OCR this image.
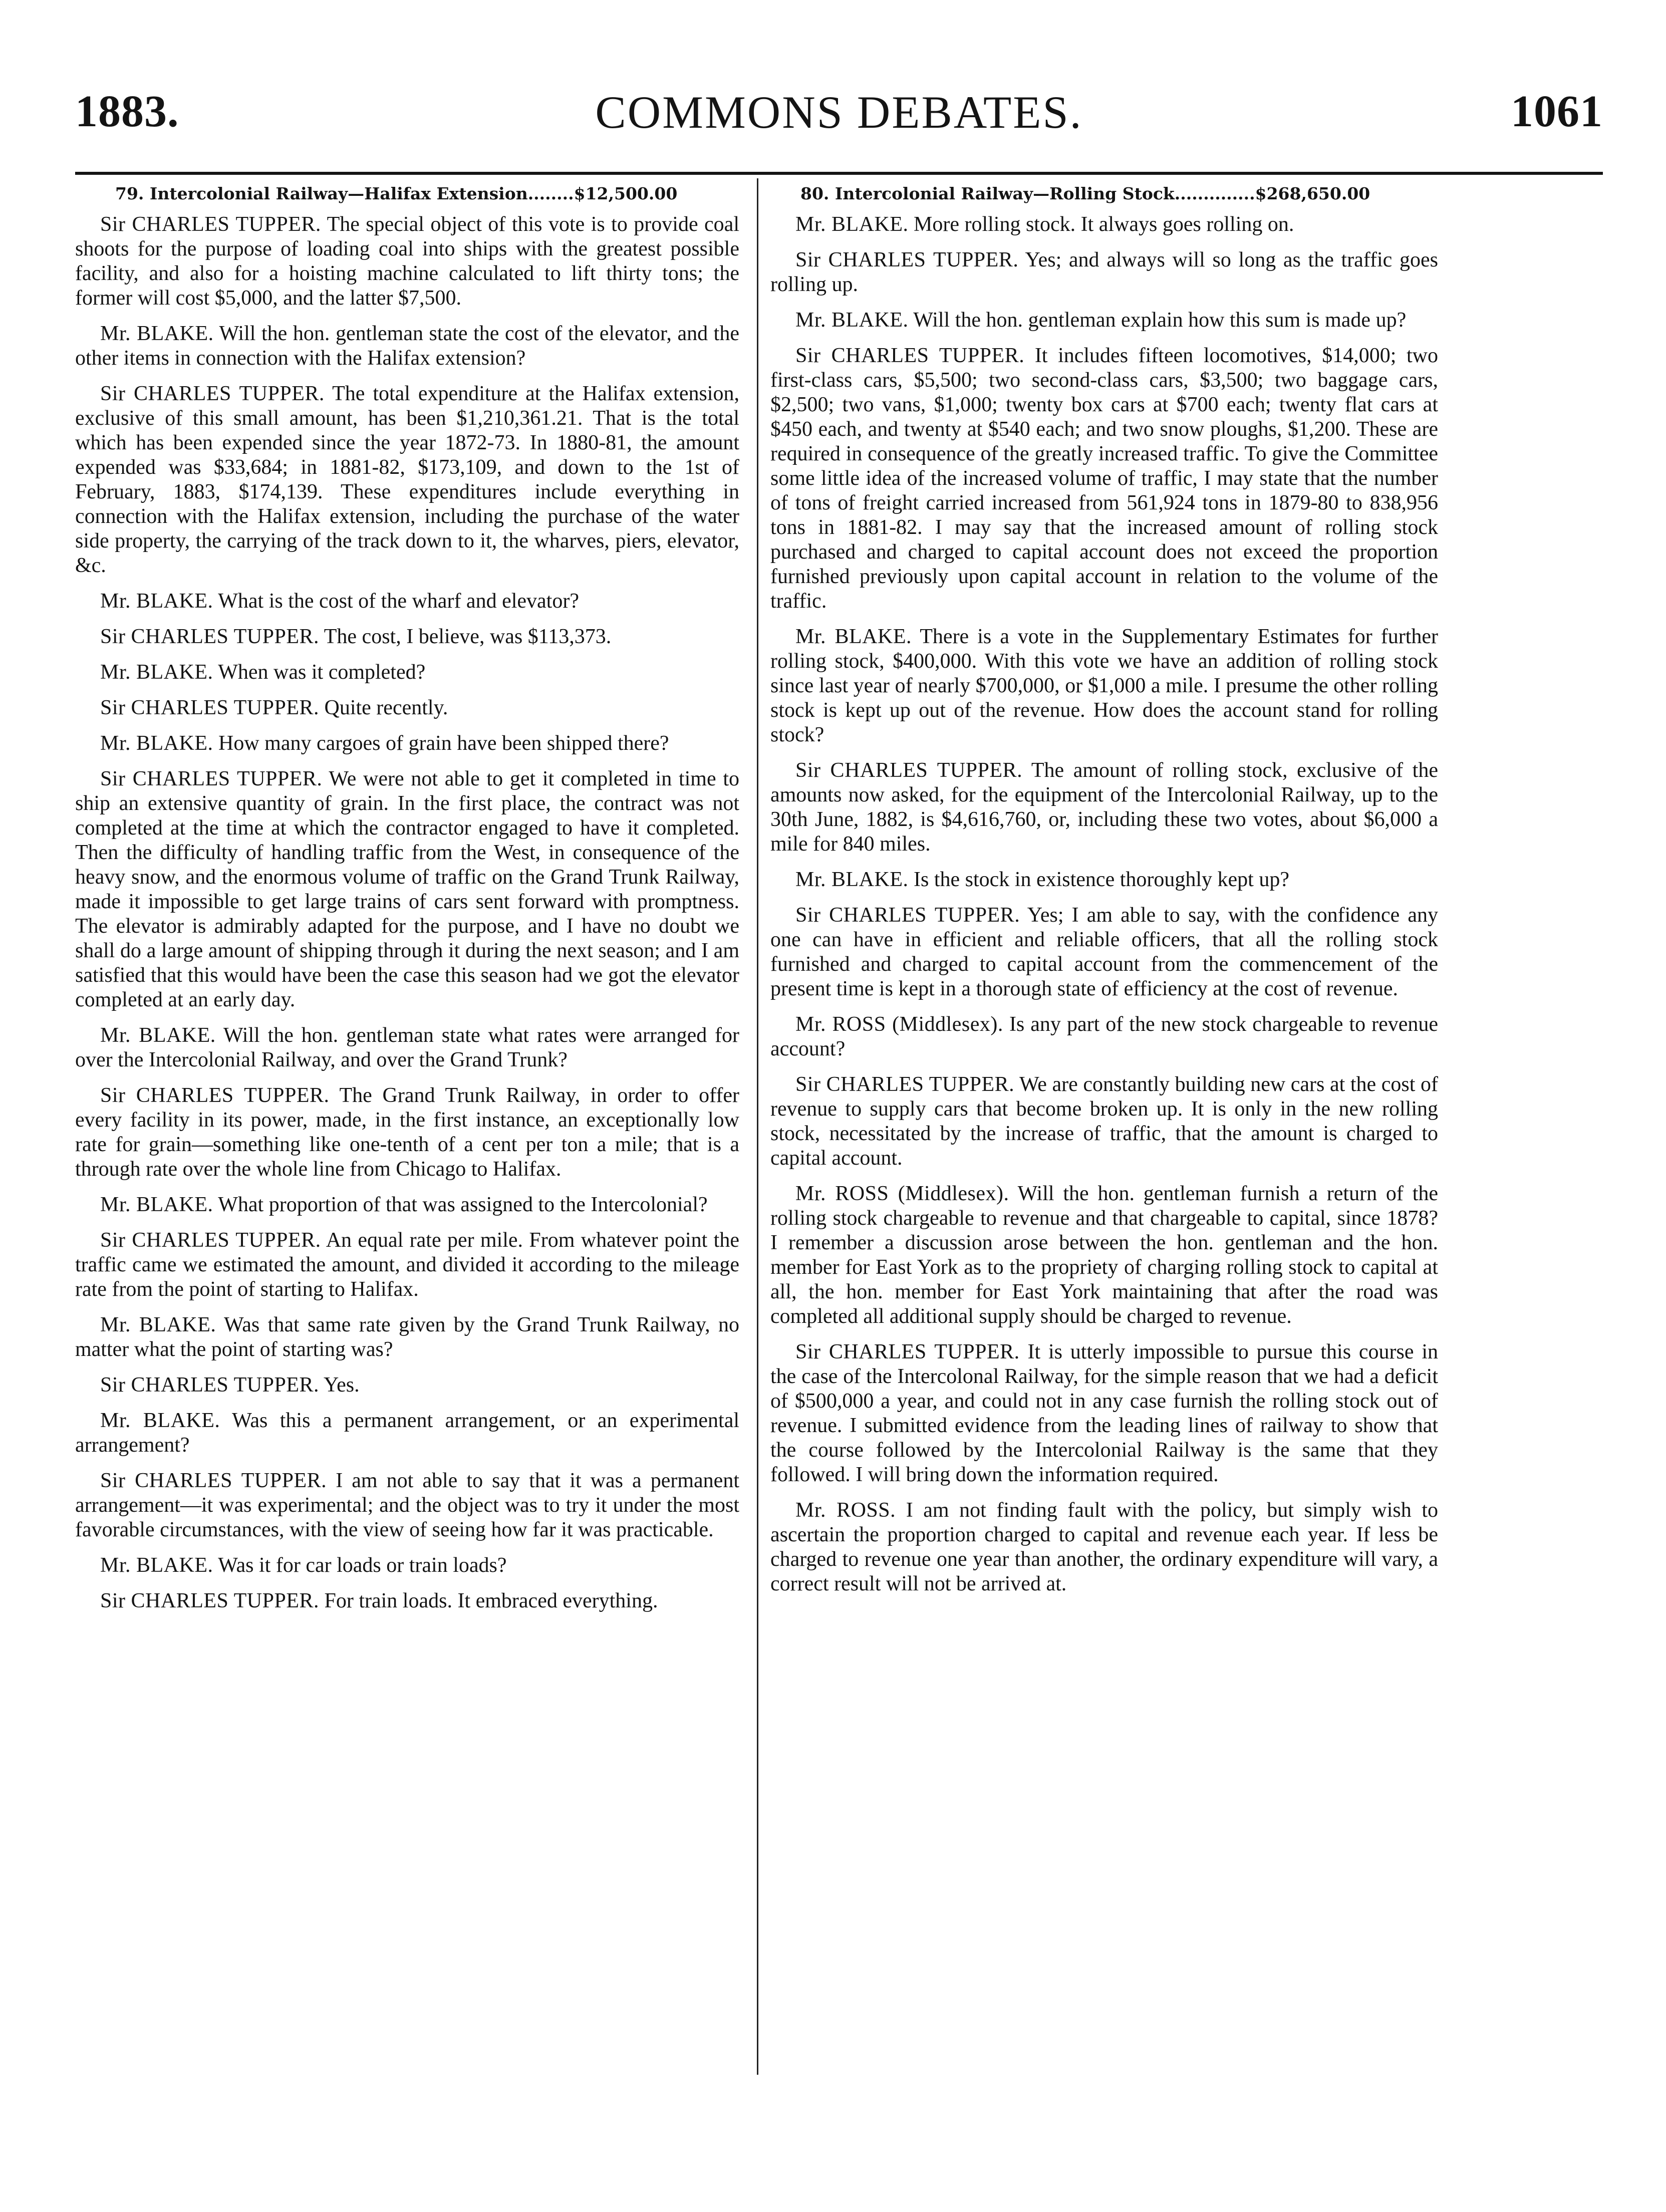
1883.	COMMONS DEBATES.	1061
79. Intercolonial Railway—Halifax Extension........$12,500.00

Sir CHARLES TUPPER. The special object of this vote is to provide coal shoots for the purpose of loading coal into ships with the greatest possible facility, and also for a hoisting machine calculated to lift thirty tons; the former will cost $5,000, and the latter $7,500.

Mr. BLAKE. Will the hon. gentleman state the cost of the elevator, and the other items in connection with the Halifax extension?

Sir CHARLES TUPPER. The total expenditure at the Halifax extension, exclusive of this small amount, has been $1,210,361.21. That is the total which has been expended since the year 1872-73. In 1880-81, the amount expended was $33,684; in 1881-82, $173,109, and down to the 1st of February, 1883, $174,139. These expenditures include everything in connection with the Halifax extension, including the purchase of the water side property, the carrying of the track down to it, the wharves, piers, elevator, &c.

Mr. BLAKE. What is the cost of the wharf and elevator?

Sir CHARLES TUPPER. The cost, I believe, was $113,373.

Mr. BLAKE. When was it completed?

Sir CHARLES TUPPER. Quite recently.

Mr. BLAKE. How many cargoes of grain have been shipped there?

Sir CHARLES TUPPER. We were not able to get it completed in time to ship an extensive quantity of grain. In the first place, the contract was not completed at the time at which the contractor engaged to have it completed. Then the difficulty of handling traffic from the West, in consequence of the heavy snow, and the enormous volume of traffic on the Grand Trunk Railway, made it impossible to get large trains of cars sent forward with promptness. The elevator is admirably adapted for the purpose, and I have no doubt we shall do a large amount of shipping through it during the next season; and I am satisfied that this would have been the case this season had we got the elevator completed at an early day.

Mr. BLAKE. Will the hon. gentleman state what rates were arranged for over the Intercolonial Railway, and over the Grand Trunk?

Sir CHARLES TUPPER. The Grand Trunk Railway, in order to offer every facility in its power, made, in the first instance, an exceptionally low rate for grain—something like one-tenth of a cent per ton a mile; that is a through rate over the whole line from Chicago to Halifax.

Mr. BLAKE. What proportion of that was assigned to the Intercolonial?

Sir CHARLES TUPPER. An equal rate per mile. From whatever point the traffic came we estimated the amount, and divided it according to the mileage rate from the point of starting to Halifax.

Mr. BLAKE. Was that same rate given by the Grand Trunk Railway, no matter what the point of starting was?

Sir CHARLES TUPPER. Yes.

Mr. BLAKE. Was this a permanent arrangement, or an experimental arrangement?

Sir CHARLES TUPPER. I am not able to say that it was a permanent arrangement—it was experimental; and the object was to try it under the most favorable circumstances, with the view of seeing how far it was practicable.

Mr. BLAKE. Was it for car loads or train loads?

Sir CHARLES TUPPER. For train loads. It embraced everything.

80. Intercolonial Railway—Rolling Stock..............$268,650.00

Mr. BLAKE. More rolling stock. It always goes rolling on.

Sir CHARLES TUPPER. Yes; and always will so long as the traffic goes rolling up.

Mr. BLAKE. Will the hon. gentleman explain how this sum is made up?

Sir CHARLES TUPPER. It includes fifteen locomotives, $14,000; two first-class cars, $5,500; two second-class cars, $3,500; two baggage cars, $2,500; two vans, $1,000; twenty box cars at $700 each; twenty flat cars at $450 each, and twenty at $540 each; and two snow ploughs, $1,200. These are required in consequence of the greatly increased traffic. To give the Committee some little idea of the increased volume of traffic, I may state that the number of tons of freight carried increased from 561,924 tons in 1879-80 to 838,956 tons in 1881-82. I may say that the increased amount of rolling stock purchased and charged to capital account does not exceed the proportion furnished previously upon capital account in relation to the volume of the traffic.

Mr. BLAKE. There is a vote in the Supplementary Estimates for further rolling stock, $400,000. With this vote we have an addition of rolling stock since last year of nearly $700,000, or $1,000 a mile. I presume the other rolling stock is kept up out of the revenue. How does the account stand for rolling stock?

Sir CHARLES TUPPER. The amount of rolling stock, exclusive of the amounts now asked, for the equipment of the Intercolonial Railway, up to the 30th June, 1882, is $4,616,760, or, including these two votes, about $6,000 a mile for 840 miles.

Mr. BLAKE. Is the stock in existence thoroughly kept up?

Sir CHARLES TUPPER. Yes; I am able to say, with the confidence any one can have in efficient and reliable officers, that all the rolling stock furnished and charged to capital account from the commencement of the present time is kept in a thorough state of efficiency at the cost of revenue.

Mr. ROSS (Middlesex). Is any part of the new stock chargeable to revenue account?

Sir CHARLES TUPPER. We are constantly building new cars at the cost of revenue to supply cars that become broken up. It is only in the new rolling stock, necessitated by the increase of traffic, that the amount is charged to capital account.

Mr. ROSS (Middlesex). Will the hon. gentleman furnish a return of the rolling stock chargeable to revenue and that chargeable to capital, since 1878? I remember a discussion arose between the hon. gentleman and the hon. member for East York as to the propriety of charging rolling stock to capital at all, the hon. member for East York maintaining that after the road was completed all additional supply should be charged to revenue.

Sir CHARLES TUPPER. It is utterly impossible to pursue this course in the case of the Intercolonal Railway, for the simple reason that we had a deficit of $500,000 a year, and could not in any case furnish the rolling stock out of revenue. I submitted evidence from the leading lines of railway to show that the course followed by the Intercolonial Railway is the same that they followed. I will bring down the information required.

Mr. ROSS. I am not finding fault with the policy, but simply wish to ascertain the proportion charged to capital and revenue each year. If less be charged to revenue one year than another, the ordinary expenditure will vary, a correct result will not be arrived at.
